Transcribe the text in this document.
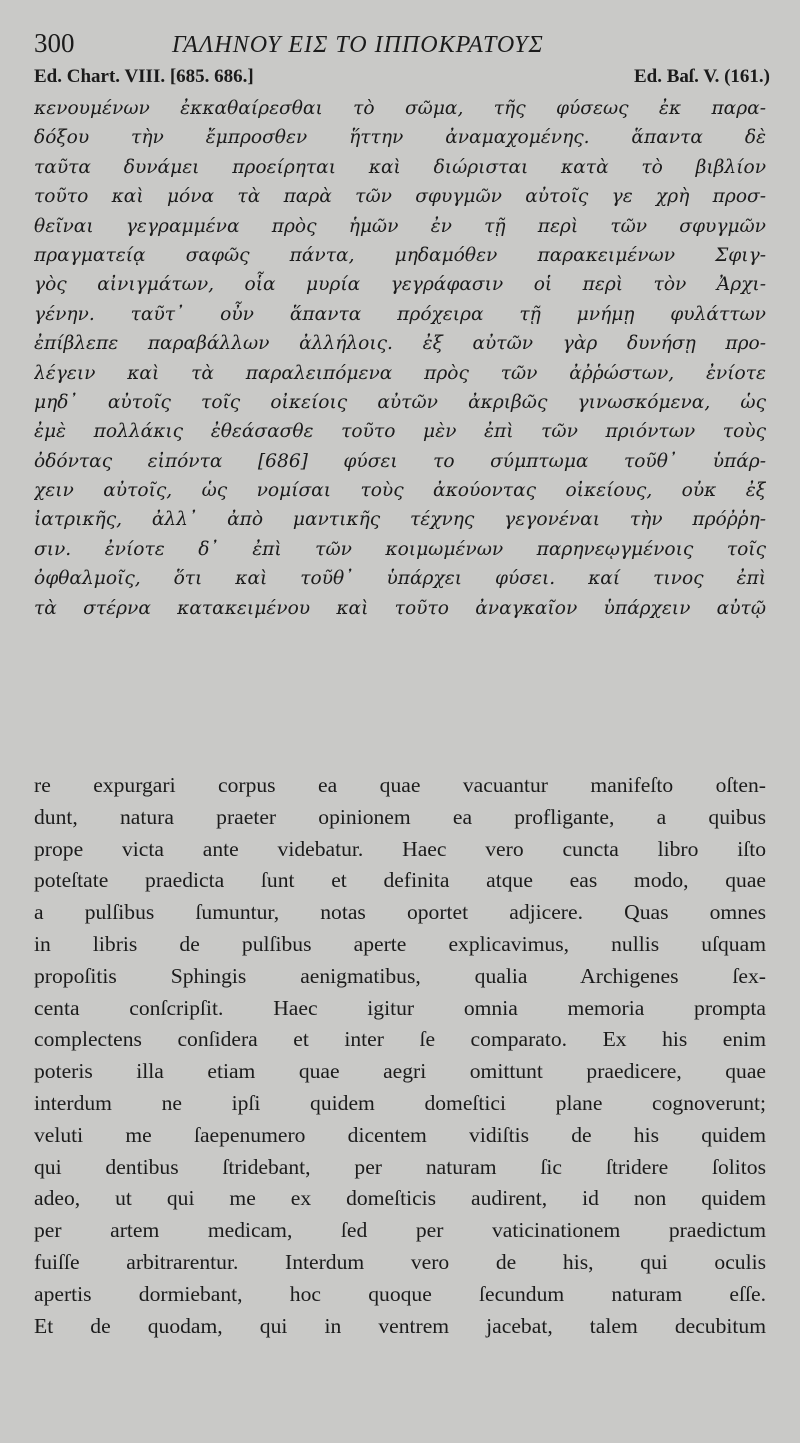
300	ΓΑΛΗΝΟΥ ΕΙΣ ΤΟ ΙΠΠΟΚΡΑΤΟΥΣ
Ed. Chart. VIII. [685. 686.]	Ed. Baſ. V. (161.)
κενουμένων ἐκκαθαίρεσθαι τὸ σῶμα, τῆς φύσεως ἐκ παρα-
δόξου τὴν ἔμπροσθεν ἥττην ἀναμαχομένης. ἅπαντα δὲ
ταῦτα δυνάμει προείρηται καὶ διώρισται κατὰ τὸ βιβλίον
τοῦτο καὶ μόνα τὰ παρὰ τῶν σφυγμῶν αὐτοῖς γε χρὴ προσ-
θεῖναι γεγραμμένα πρὸς ἡμῶν ἐν τῇ περὶ τῶν σφυγμῶν
πραγματείᾳ σαφῶς πάντα, μηδαμόθεν παρακειμένων Σφιγ-
γὸς αἰνιγμάτων, οἷα μυρία γεγράφασιν οἱ περὶ τὸν Ἀρχι-
γένην. ταῦτ᾽ οὖν ἅπαντα πρόχειρα τῇ μνήμῃ φυλάττων
ἐπίβλεπε παραβάλλων ἀλλήλοις. ἐξ αὐτῶν γὰρ δυνήσῃ προ-
λέγειν καὶ τὰ παραλειπόμενα πρὸς τῶν ἀῤῥώστων, ἐνίοτε
μηδ᾽ αὐτοῖς τοῖς οἰκείοις αὐτῶν ἀκριβῶς γινωσκόμενα, ὡς
ἐμὲ πολλάκις ἐθεάσασθε τοῦτο μὲν ἐπὶ τῶν πριόντων τοὺς
ὀδόντας εἰπόντα [686] φύσει το σύμπτωμα τοῦθ᾽ ὑπάρ-
χειν αὐτοῖς, ὡς νομίσαι τοὺς ἀκούοντας οἰκείους, οὐκ ἐξ
ἰατρικῆς, ἀλλ᾽ ἀπὸ μαντικῆς τέχνης γεγονέναι τὴν πρόῤῥη-
σιν. ἐνίοτε δ᾽ ἐπὶ τῶν κοιμωμένων παρηνεῳγμένοις τοῖς
ὀφθαλμοῖς, ὅτι καὶ τοῦθ᾽ ὑπάρχει φύσει. καί τινος ἐπὶ
τὰ στέρνα κατακειμένου καὶ τοῦτο ἀναγκαῖον ὑπάρχειν αὐτῷ
re expurgari corpus ea quae vacuantur manifeſto oſten-
dunt, natura praeter opinionem ea profligante, a quibus
prope victa ante videbatur. Haec vero cuncta libro iſto
poteſtate praedicta ſunt et definita atque eas modo, quae
a pulſibus ſumuntur, notas oportet adjicere. Quas omnes
in libris de pulſibus aperte explicavimus, nullis uſquam
propoſitis Sphingis aenigmatibus, qualia Archigenes ſex-
centa conſcripſit. Haec igitur omnia memoria prompta
complectens conſidera et inter ſe comparato. Ex his enim
poteris illa etiam quae aegri omittunt praedicere, quae
interdum ne ipſi quidem domeſtici plane cognoverunt;
veluti me ſaepenumero dicentem vidiſtis de his quidem
qui dentibus ſtridebant, per naturam ſic ſtridere ſolitos
adeo, ut qui me ex domeſticis audirent, id non quidem
per artem medicam, ſed per vaticinationem praedictum
fuiſſe arbitrarentur. Interdum vero de his, qui oculis
apertis dormiebant, hoc quoque ſecundum naturam eſſe.
Et de quodam, qui in ventrem jacebat, talem decubitum
